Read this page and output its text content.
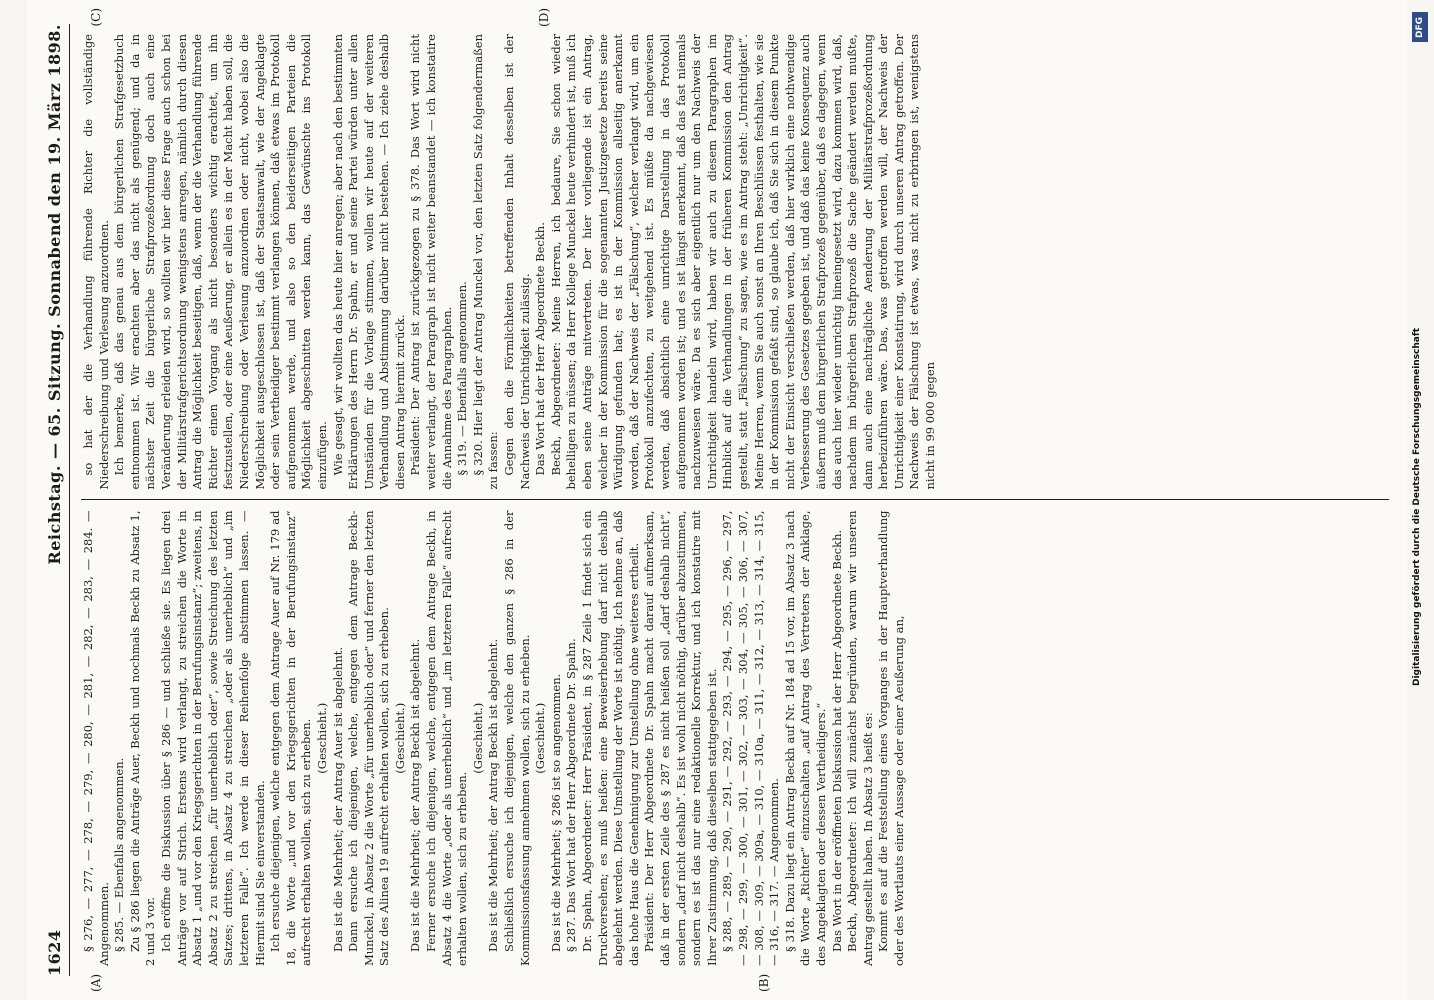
1624
Reichstag. — 65. Sitzung. Sonnabend den 19. März 1898.
(A)	(B)

§ 276, — 277, — 278, — 279, — 280, — 281, — 282, — 283, — 284. — Angenommen. § 285. — Ebenfalls angenommen. Zu § 286 liegen die Anträge Auer, Beckh und nochmals Beckh zu Absatz 1, 2 und 3 vor. Ich eröffne die Diskussion über § 286 — und schließe sie. Es liegen drei Anträge vor auf Strich. Erstens wird verlangt, zu streichen die Worte in Absatz 1 „und vor den Kriegsgerichten in der Berufungsinstanz“; zweitens, in Absatz 2 zu streichen „für unerheblich oder“, sowie Streichung des letzten Satzes; drittens, in Absatz 4 zu streichen „oder als unerheblich“ und „im letzteren Falle“. Ich werde in dieser Reihenfolge abstimmen lassen. — Hiermit sind Sie einverstanden. Ich ersuche diejenigen, welche entgegen dem Antrage Auer auf Nr. 179 ad 18, die Worte „und vor den Kriegsgerichten in der Berufungsinstanz“ aufrecht erhalten wollen, sich zu erheben. (Geschieht.) Das ist die Mehrheit; der Antrag Auer ist abgelehnt. Dann ersuche ich diejenigen, welche, entgegen dem Antrage Beckh-Munckel, in Absatz 2 die Worte „für unerheblich oder“ und ferner den letzten Satz des Alinea 19 aufrecht erhalten wollen, sich zu erheben. (Geschieht.) Das ist die Mehrheit; der Antrag Beckh ist abgelehnt. Ferner ersuche ich diejenigen, welche, entgegen dem Antrage Beckh, in Absatz 4 die Worte „oder als unerheblich“ und „im letzteren Falle“ aufrecht erhalten wollen, sich zu erheben.

(Geschieht.) Das ist die Mehrheit; der Antrag Beckh ist abgelehnt. Schließlich ersuche ich diejenigen, welche den ganzen § 286 in der Kommissionsfassung annehmen wollen, sich zu erheben. (Geschieht.) Das ist die Mehrheit; § 286 ist so angenommen. § 287. Das Wort hat der Herr Abgeordnete Dr. Spahn. Dr. Spahn, Abgeordneter: Herr Präsident, in § 287 Zeile 1 findet sich ein Druckversehen; es muß heißen: eine Beweiserhebung darf nicht deshalb abgelehnt werden. Diese Umstellung der Worte ist nöthig. Ich nehme an, daß das hohe Haus die Genehmigung zur Umstellung ohne weiteres ertheilt. Präsident: Der Herr Abgeordnete Dr. Spahn macht darauf aufmerksam, daß in der ersten Zeile des § 287 es nicht heißen soll „darf deshalb nicht“, sondern „darf nicht deshalb“. Es ist wohl nicht nöthig, darüber abzustimmen, sondern es ist das nur eine redaktionelle Korrektur, und ich konstatire mit Ihrer Zustimmung, daß dieselben stattgegeben ist. § 288, — 289, — 290, — 291, — 292, — 293, — 294, — 295, — 296, — 297, — 298, — 299, — 300, — 301, — 302, — 303, — 304, — 305, — 306, — 307, — 308, — 309, — 309a, — 310, — 310a, — 311, — 312, — 313, — 314, — 315, — 316, — 317. — Angenommen. § 318. Dazu liegt ein Antrag Beckh auf Nr. 184 ad 15 vor, im Absatz 3 nach die Worte „Richter“ einzuschalten „auf Antrag des Vertreters der Anklage, des Angeklagten oder dessen Vertheidigers.“ Das Wort in der eröffneten Diskussion hat der Herr Abgeordnete Beckh. Beckh, Abgeordneter: Ich will zunächst begründen, warum wir unseren Antrag gestellt haben. In Absatz 3 heißt es: Kommt es auf die Feststellung eines Vorganges in der Hauptverhandlung oder des Wortlauts einer Aussage oder einer Aeußerung an,

so hat der die Verhandlung führende Richter die vollständige Niederschreibung und Verlesung anzuordnen. Ich bemerke, daß das genau aus dem bürgerlichen Strafgesetzbuch entnommen ist. Wir erachten aber das nicht als genügend; und da in nächster Zeit die bürgerliche Strafprozeßordnung doch auch eine Veränderung erleiden wird, so wollten wir hier diese Frage auch schon bei der Militärstrafgerichtsordnung wenigstens anregen, nämlich durch diesen Antrag die Möglichkeit beseitigen, daß, wenn der die Verhandlung führende Richter einen Vorgang als nicht besonders wichtig erachtet, um ihn festzustellen, oder eine Aeußerung, er allein es in der Macht haben soll, die Niederschreibung oder Verlesung anzuordnen oder nicht, wobei also die Möglichkeit ausgeschlossen ist, daß der Staatsanwalt, wie der Angeklagte oder sein Vertheidiger bestimmt verlangen können, daß etwas im Protokoll aufgenommen werde, und also so den beiderseitigen Parteien die Möglichkeit abgeschnitten werden kann, das Gewünschte ins Protokoll einzufügen. Wie gesagt, wir wollten das heute hier anregen; aber nach den bestimmten Erklärungen des Herrn Dr. Spahn, er und seine Partei würden unter allen Umständen für die Vorlage stimmen, wollen wir heute auf der weiteren Verhandlung und Abstimmung darüber nicht bestehen. — Ich ziehe deshalb diesen Antrag hiermit zurück. Präsident: Der Antrag ist zurückgezogen zu § 378. Das Wort wird nicht weiter verlangt, der Paragraph ist nicht weiter beanstandet — ich konstatire die Annahme des Paragraphen. § 319. — Ebenfalls angenommen. § 320. Hier liegt der Antrag Munckel vor, den letzten Satz folgendermaßen zu fassen: Gegen den die Förmlichkeiten betreffenden Inhalt desselben ist der Nachweis der Unrichtigkeit zulässig. Das Wort hat der Herr Abgeordnete Beckh. Beckh, Abgeordneter: Meine Herren, ich bedaure, Sie schon wieder behelligen zu müssen; da Herr Kollege Munckel heute verhindert ist, muß ich eben seine Anträge mitvertreten. Der hier vorliegende ist ein Antrag, welcher in der Kommission für die sogenannten Justizgesetze bereits seine Würdigung gefunden hat; es ist in der Kommission allseitig anerkannt worden, daß der Nachweis der „Fälschung“, welcher verlangt wird, um ein Protokoll anzufechten, zu weitgehend ist. Es müßte da nachgewiesen werden, daß absichtlich eine unrichtige Darstellung in das Protokoll aufgenommen worden ist; und es ist längst anerkannt, daß das fast niemals nachzuweisen wäre. Da es sich aber eigentlich nur um den Nachweis der Unrichtigkeit handeln wird, haben wir auch zu diesem Paragraphen im Hinblick auf die Verhandlungen in der früheren Kommission den Antrag gestellt, statt „Fälschung“ zu sagen, wie es im Antrag steht: „Unrichtigkeit“. Meine Herren, wenn Sie auch sonst an Ihren Beschlüssen festhalten, wie sie in der Kommission gefaßt sind, so glaube ich, daß Sie sich in diesem Punkte nicht der Einsicht verschließen werden, daß hier wirklich eine nothwendige Verbesserung des Gesetzes gegeben ist, und daß das keine Konsequenz auch äußern muß dem bürgerlichen Strafprozeß gegenüber, daß es dagegen, wenn das auch hier wieder unrichtig hineingesetzt wird, dazu kommen wird, daß, nachdem im bürgerlichen Strafprozeß die Sache geändert werden mußte, dann auch eine nachträgliche Aenderung der Militärstrafprozeßordnung herbeizuführen wäre. Das, was getroffen werden will, der Nachweis der Unrichtigkeit einer Konstatirung, wird durch unseren Antrag getroffen. Der Nachweis der Fälschung ist etwas, was nicht zu erbringen ist, wenigstens nicht in 99 000 gegen

(C)	(D)	DFG
Digitalisierung gefördert durch die Deutsche Forschungsgemeinschaft
